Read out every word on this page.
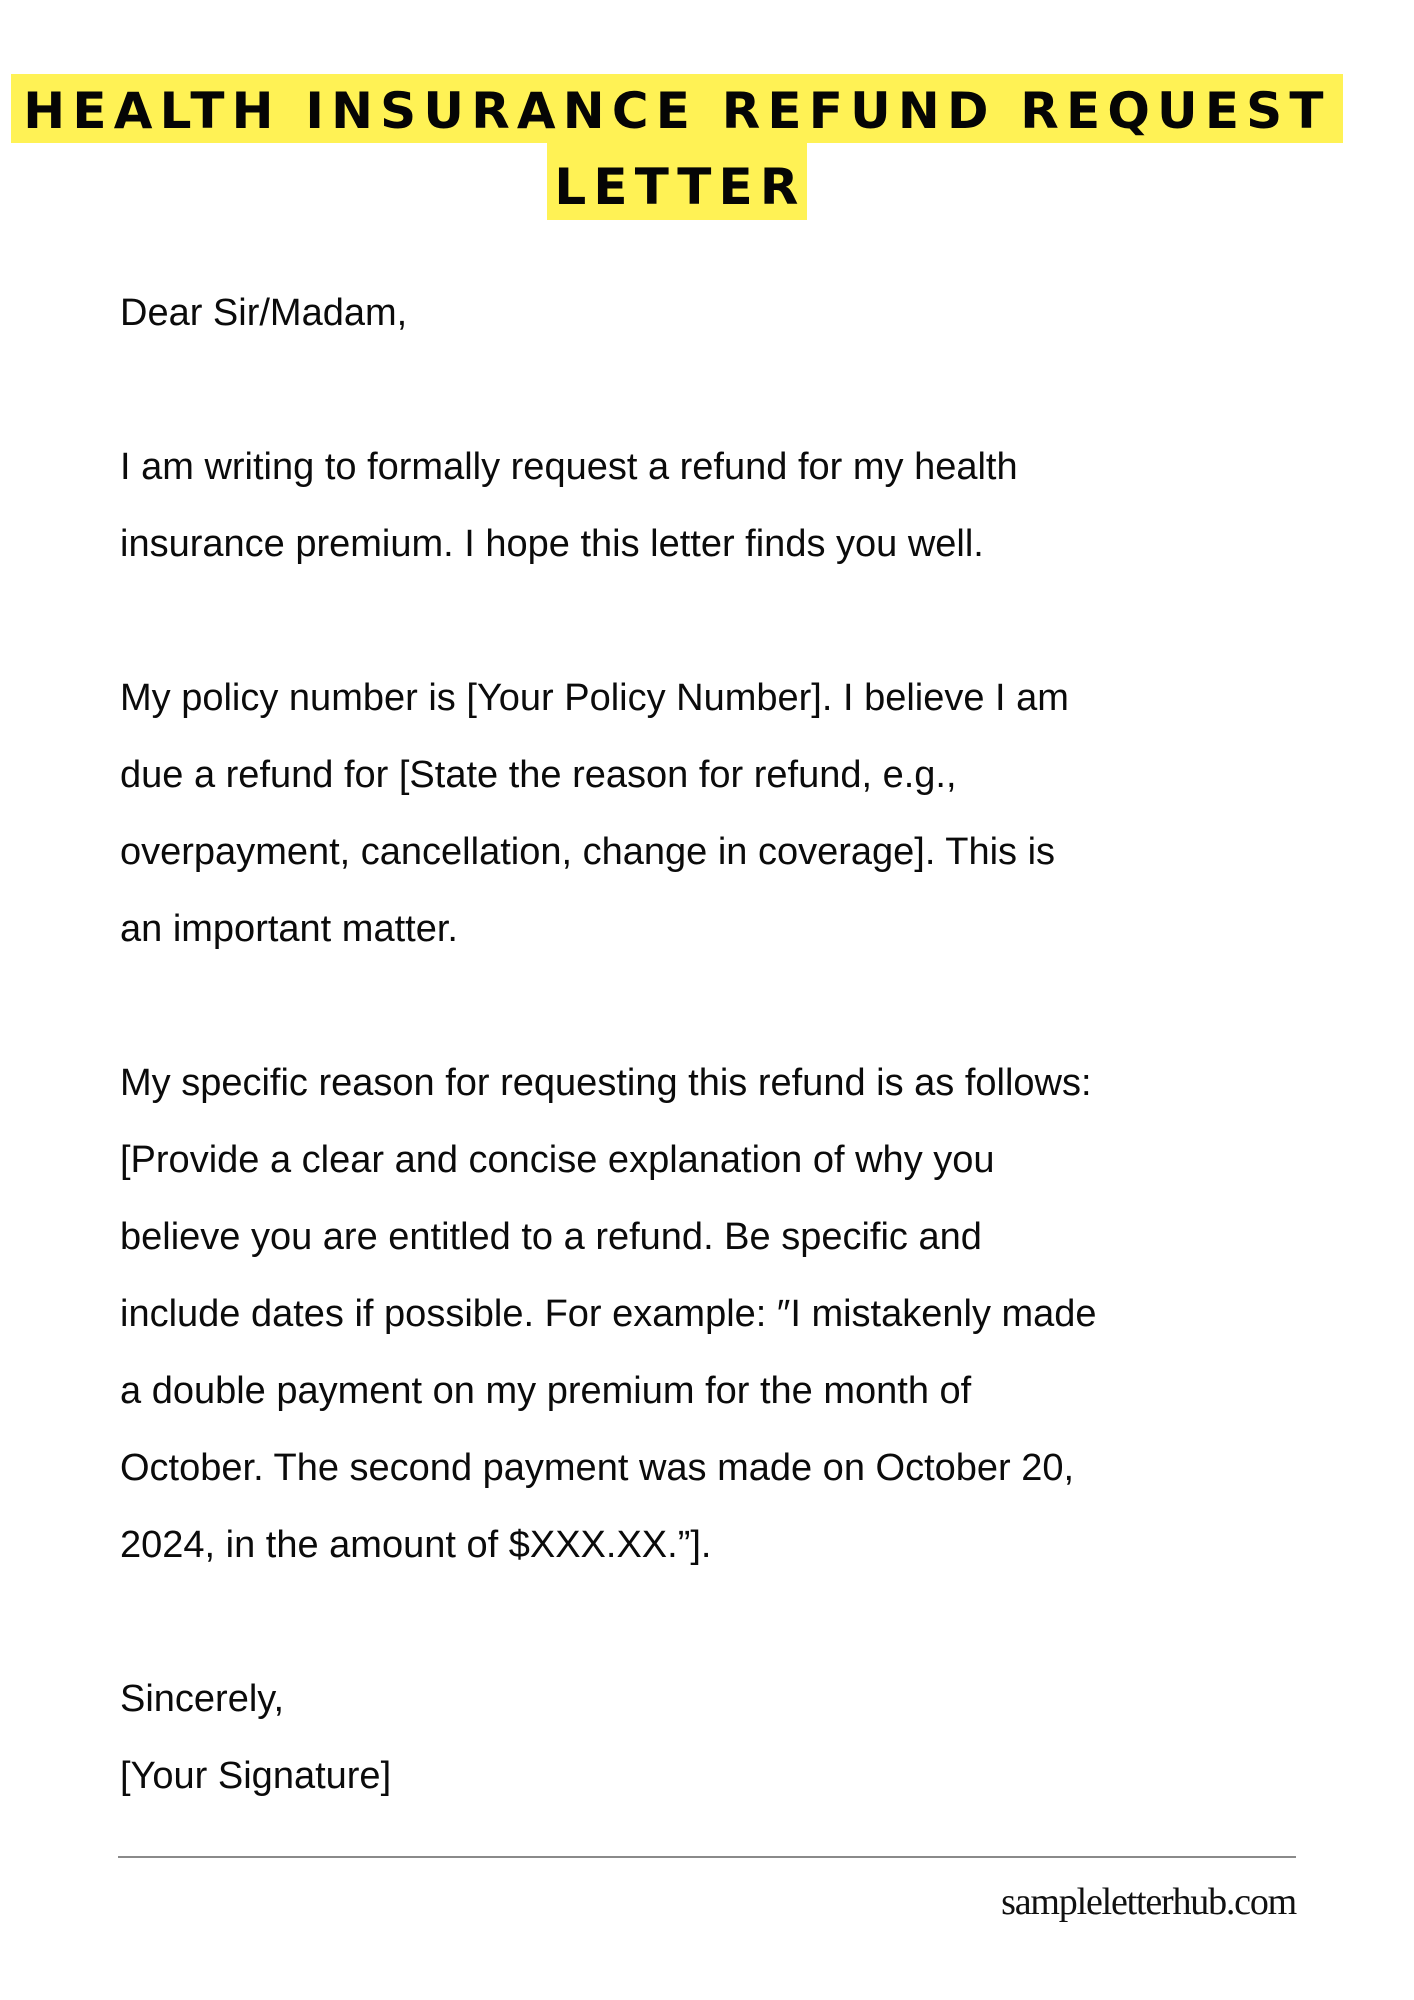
HEALTH INSURANCE REFUND REQUEST
LETTER
Dear Sir/Madam,
I am writing to formally request a refund for my health
insurance premium. I hope this letter finds you well.
My policy number is [Your Policy Number]. I believe I am
due a refund for [State the reason for refund, e.g.,
overpayment, cancellation, change in coverage]. This is
an important matter.
My specific reason for requesting this refund is as follows:
[Provide a clear and concise explanation of why you
believe you are entitled to a refund. Be specific and
include dates if possible. For example: ″I mistakenly made
a double payment on my premium for the month of
October. The second payment was made on October 20,
2024, in the amount of $XXX.XX.”].
Sincerely,
[Your Signature]
sampleletterhub.com
